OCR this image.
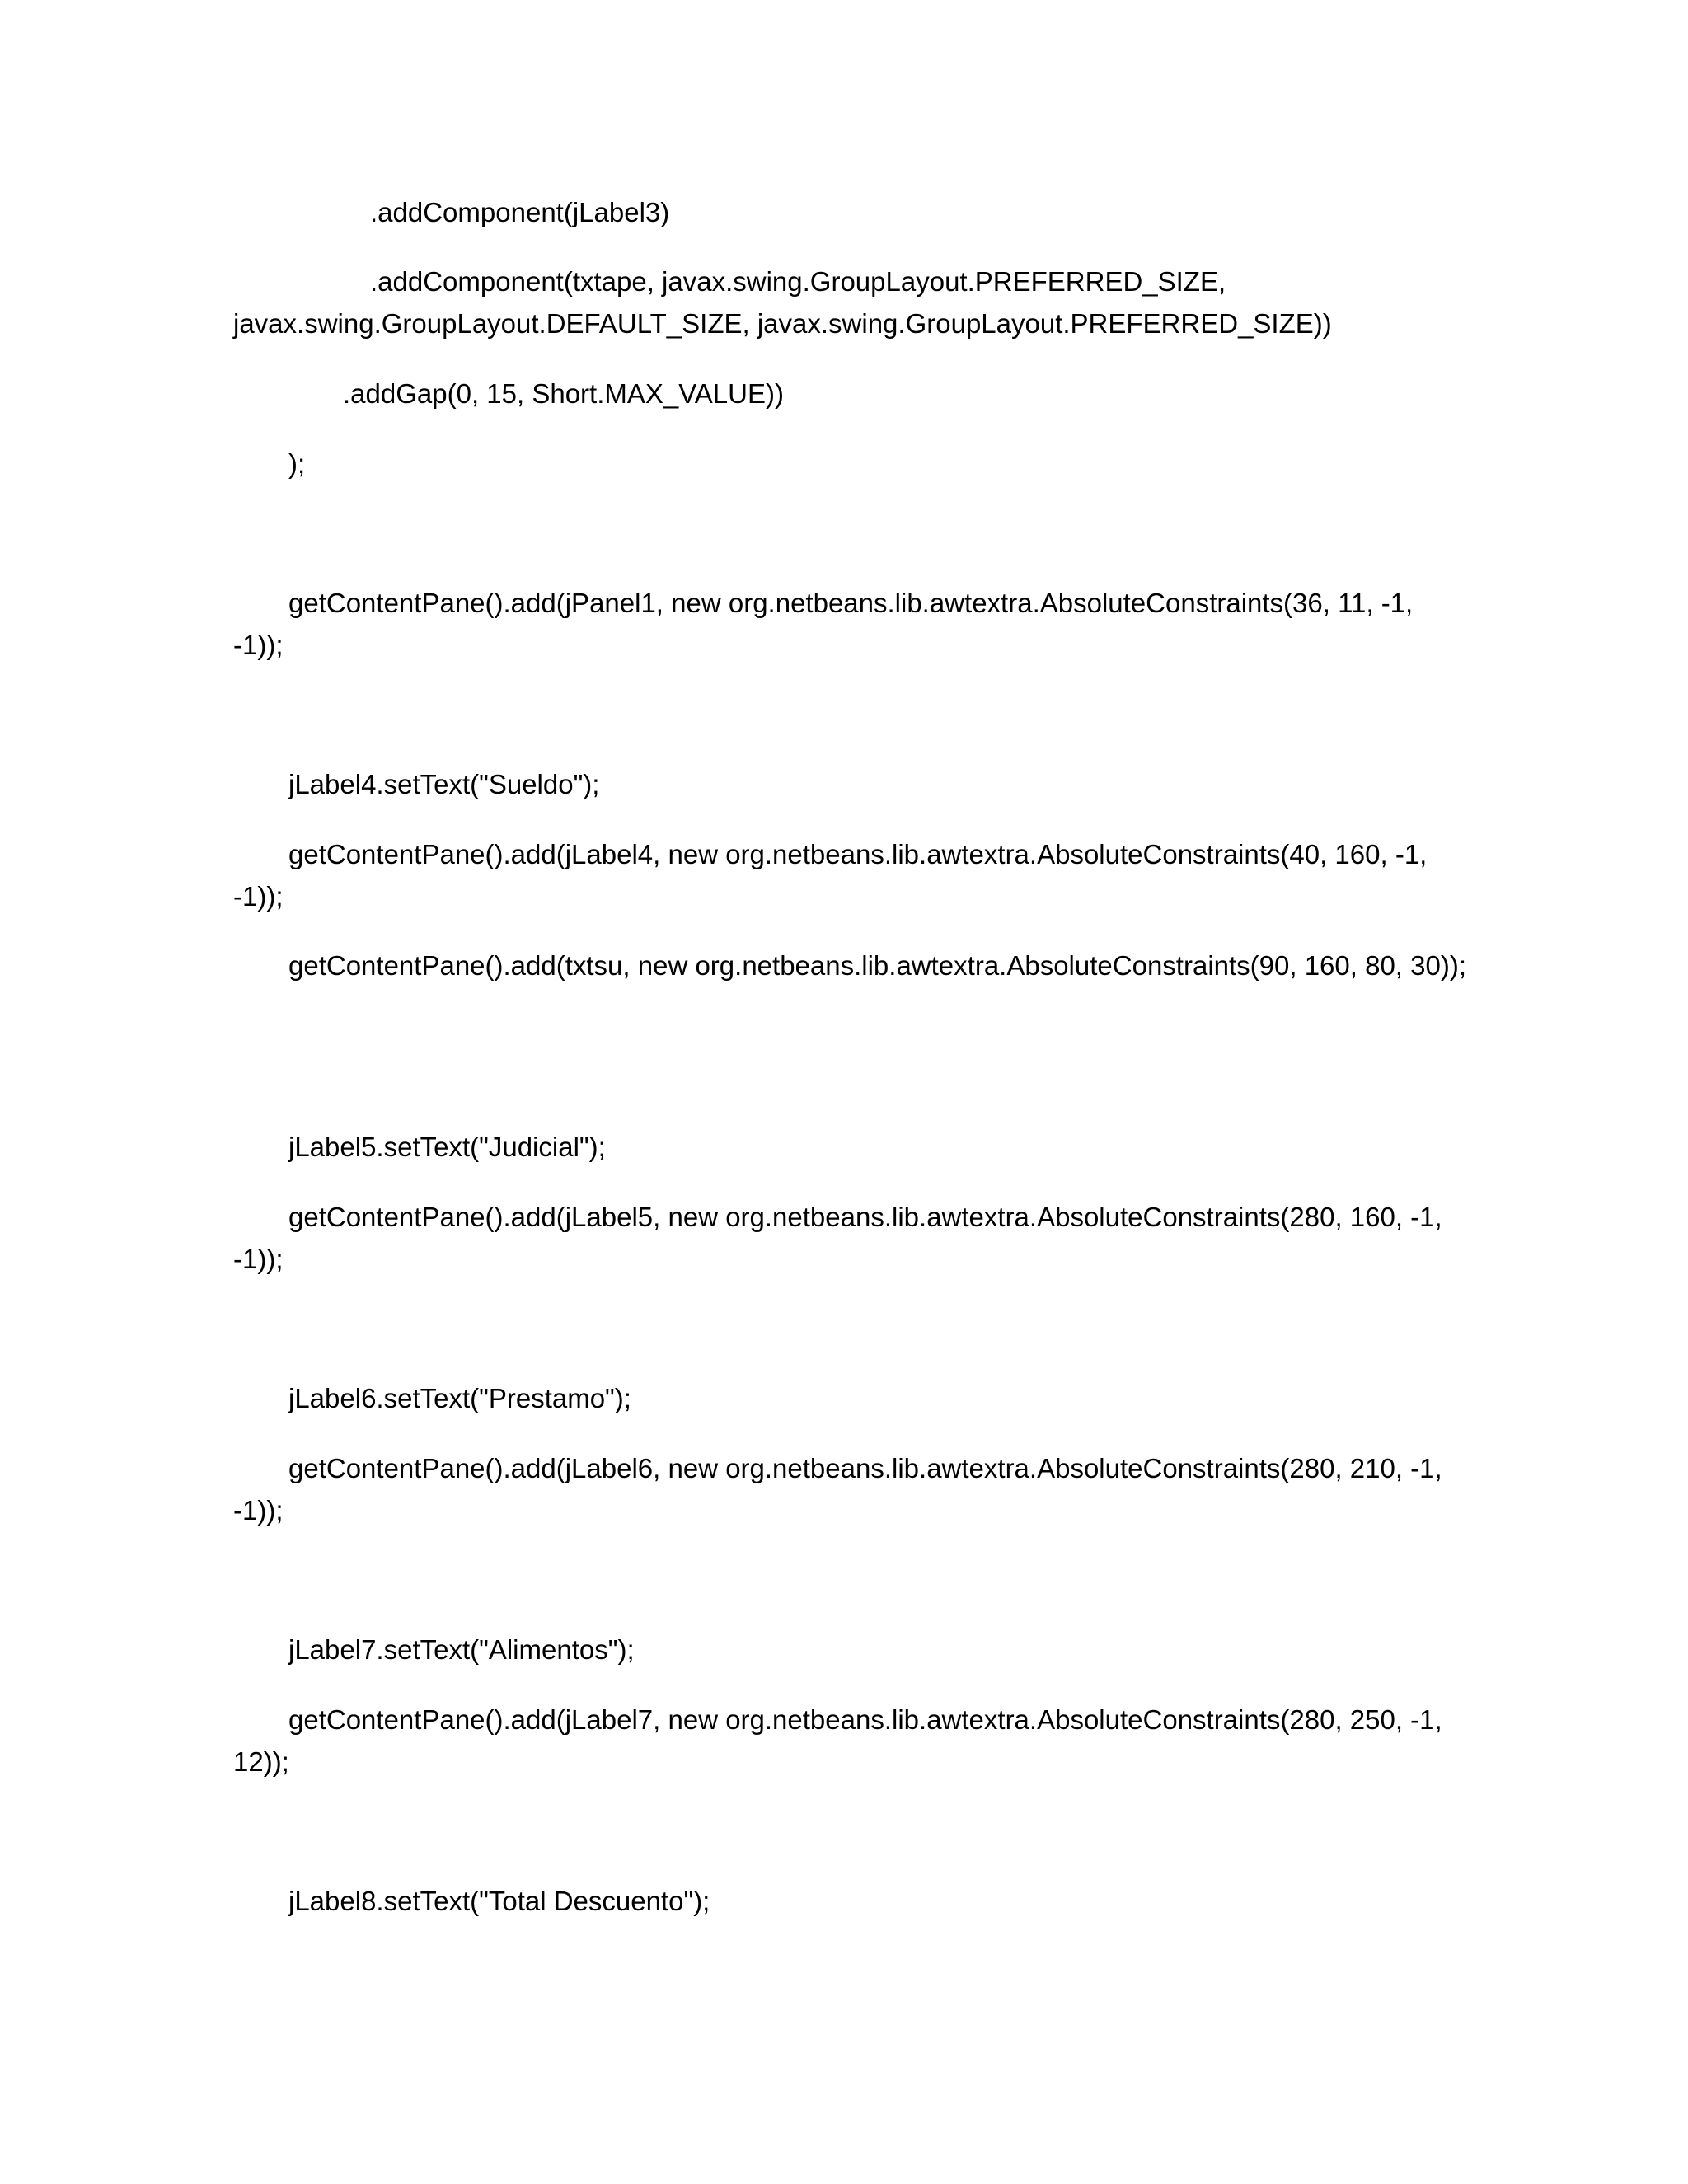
.addComponent(jLabel3)
.addComponent(txtape, javax.swing.GroupLayout.PREFERRED_SIZE, javax.swing.GroupLayout.DEFAULT_SIZE, javax.swing.GroupLayout.PREFERRED_SIZE))
.addGap(0, 15, Short.MAX_VALUE))
);
getContentPane().add(jPanel1, new org.netbeans.lib.awtextra.AbsoluteConstraints(36, 11, -1, -1));
jLabel4.setText("Sueldo");
getContentPane().add(jLabel4, new org.netbeans.lib.awtextra.AbsoluteConstraints(40, 160, -1, -1));
getContentPane().add(txtsu, new org.netbeans.lib.awtextra.AbsoluteConstraints(90, 160, 80, 30));
jLabel5.setText("Judicial");
getContentPane().add(jLabel5, new org.netbeans.lib.awtextra.AbsoluteConstraints(280, 160, -1, -1));
jLabel6.setText("Prestamo");
getContentPane().add(jLabel6, new org.netbeans.lib.awtextra.AbsoluteConstraints(280, 210, -1, -1));
jLabel7.setText("Alimentos");
getContentPane().add(jLabel7, new org.netbeans.lib.awtextra.AbsoluteConstraints(280, 250, -1, 12));
jLabel8.setText("Total Descuento");
